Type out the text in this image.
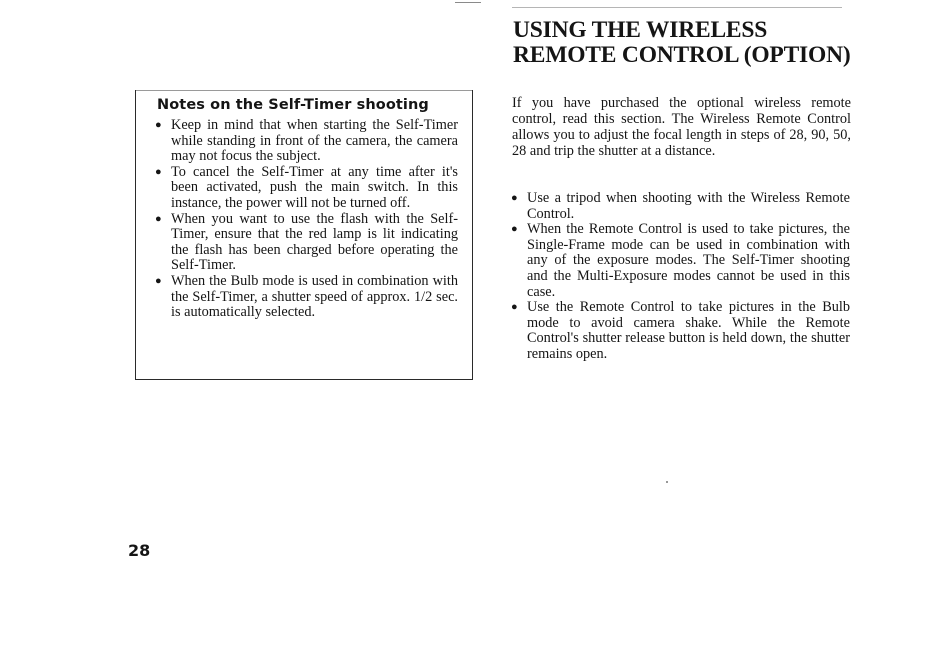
Notes on the Self-Timer shooting
● Keep in mind that when starting the Self-Timer while standing in front of the camera, the camera may not focus the subject.
● To cancel the Self-Timer at any time after it's been activated, push the main switch. In this instance, the power will not be turned off.
● When you want to use the flash with the Self-Timer, ensure that the red lamp is lit indicating the flash has been charged before operating the Self-Timer.
● When the Bulb mode is used in combination with the Self-Timer, a shutter speed of approx. 1/2 sec. is automatically selected.
USING THE WIRELESS
REMOTE CONTROL (OPTION)

If you have purchased the optional wireless remote control, read this section. The Wireless Remote Control allows you to adjust the focal length in steps of 28, 90, 50, 28 and trip the shutter at a distance.

● Use a tripod when shooting with the Wireless Remote Control.
● When the Remote Control is used to take pictures, the Single-Frame mode can be used in combination with any of the exposure modes. The Self-Timer shooting and the Multi-Exposure modes cannot be used in this case.
● Use the Remote Control to take pictures in the Bulb mode to avoid camera shake. While the Remote Control's shutter release button is held down, the shutter remains open.

28
